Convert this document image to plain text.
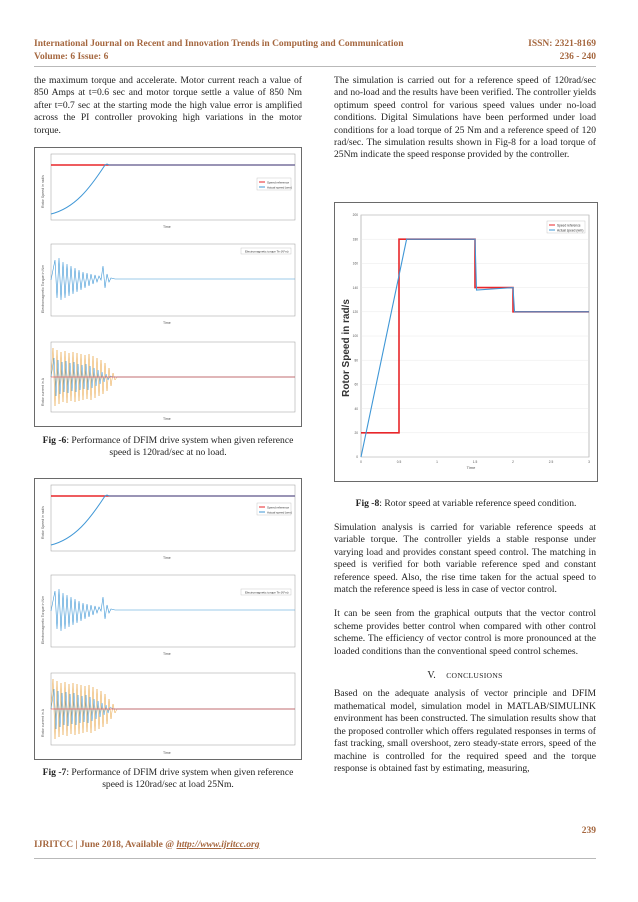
International Journal on Recent and Innovation Trends in Computing and Communication
Volume: 6 Issue: 6
ISSN: 2321-8169
236 - 240

the maximum torque and accelerate. Motor current reach a value of 850 Amps at t=0.6 sec and motor torque settle a value of 850 Nm after t=0.7 sec at the starting mode the high value error is amplified across the PI controller provoking high variations in the motor torque.

Speed reference
Actual speed (wm)
Time
Rotor Speed in rad/s
Electromagnetic torque Te (N*m)
Time
Electromagnetic Torque in Nm
Time
Rotor current in A
Fig -6: Performance of DFIM drive system when given reference speed is 120rad/sec at no load.
Speed reference
Actual speed (wm)
Time
Rotor Speed in rad/s
Electromagnetic torque Te (N*m)
Time
Electromagnetic Torque in Nm
Time
Rotor current in A
Fig -7: Performance of DFIM drive system when given reference speed is 120rad/sec at load 25Nm.

The simulation is carried out for a reference speed of 120rad/sec and no-load and the results have been verified. The controller yields optimum speed control for various speed values under no-load conditions. Digital Simulations have been performed under load conditions for a load torque of 25 Nm and a reference speed of 120 rad/sec. The simulation results shown in Fig-8 for a load torque of 25Nm indicate the speed response provided by the controller.

0
20
40
60
80
100
120
140
160
180
200
0	0.5	1	1.5	2	2.5	3
Speed reference
Actual speed (wm)
Time
Rotor Speed in rad/s
Fig -8: Rotor speed at variable reference speed condition.

Simulation analysis is carried for variable reference speeds at variable torque. The controller yields a stable response under varying load and provides constant speed control. The matching in speed is verified for both variable reference sped and constant reference speed. Also, the rise time taken for the actual speed to match the reference speed is less in case of vector control.

It can be seen from the graphical outputs that the vector control scheme provides better control when compared with other control scheme. The efficiency of vector control is more pronounced at the loaded conditions than the conventional speed control schemes.

V. CONCLUSIONS

Based on the adequate analysis of vector principle and DFIM mathematical model, simulation model in MATLAB/SIMULINK environment has been constructed. The simulation results show that the proposed controller which offers regulated responses in terms of fast tracking, small overshoot, zero steady-state errors, speed of the machine is controlled for the required speed and the torque response is obtained fast by estimating, measuring,

239
IJRITCC | June 2018, Available @ http://www.ijritcc.org
